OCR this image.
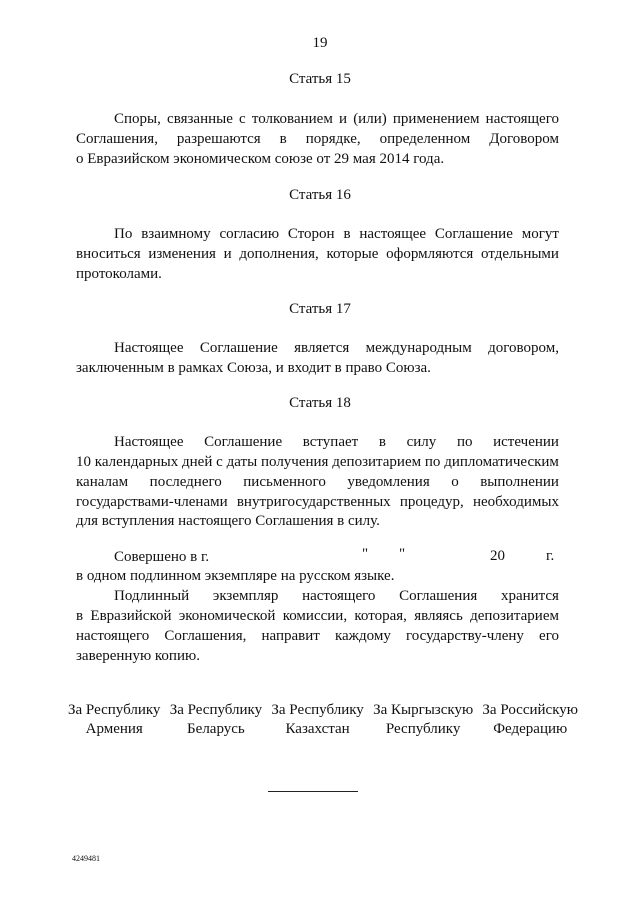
19
Статья 15
Споры, связанные с толкованием и (или) применением настоящего
Соглашения, разрешаются в порядке, определенном Договором
о Евразийском экономическом союзе от 29 мая 2014 года.
Статья 16
По взаимному согласию Сторон в настоящее Соглашение могут
вноситься изменения и дополнения, которые оформляются отдельными
протоколами.
Статья 17
Настоящее Соглашение является международным договором,
заключенным в рамках Союза, и входит в право Союза.
Статья 18
Настоящее Соглашение вступает в силу по истечении
10 календарных дней с даты получения депозитарием по дипломатическим
каналам последнего письменного уведомления о выполнении
государствами-членами внутригосударственных процедур, необходимых
для вступления настоящего Соглашения в силу.
Совершено в г.	" "	20	г.
в одном подлинном экземпляре на русском языке.
Подлинный экземпляр настоящего Соглашения хранится
в Евразийской экономической комиссии, которая, являясь депозитарием
настоящего Соглашения, направит каждому государству-члену его
заверенную копию.
За Республику
Армения
За Республику
Беларусь
За Республику
Казахстан
За Кыргызскую
Республику
За Российскую
Федерацию
4249481
